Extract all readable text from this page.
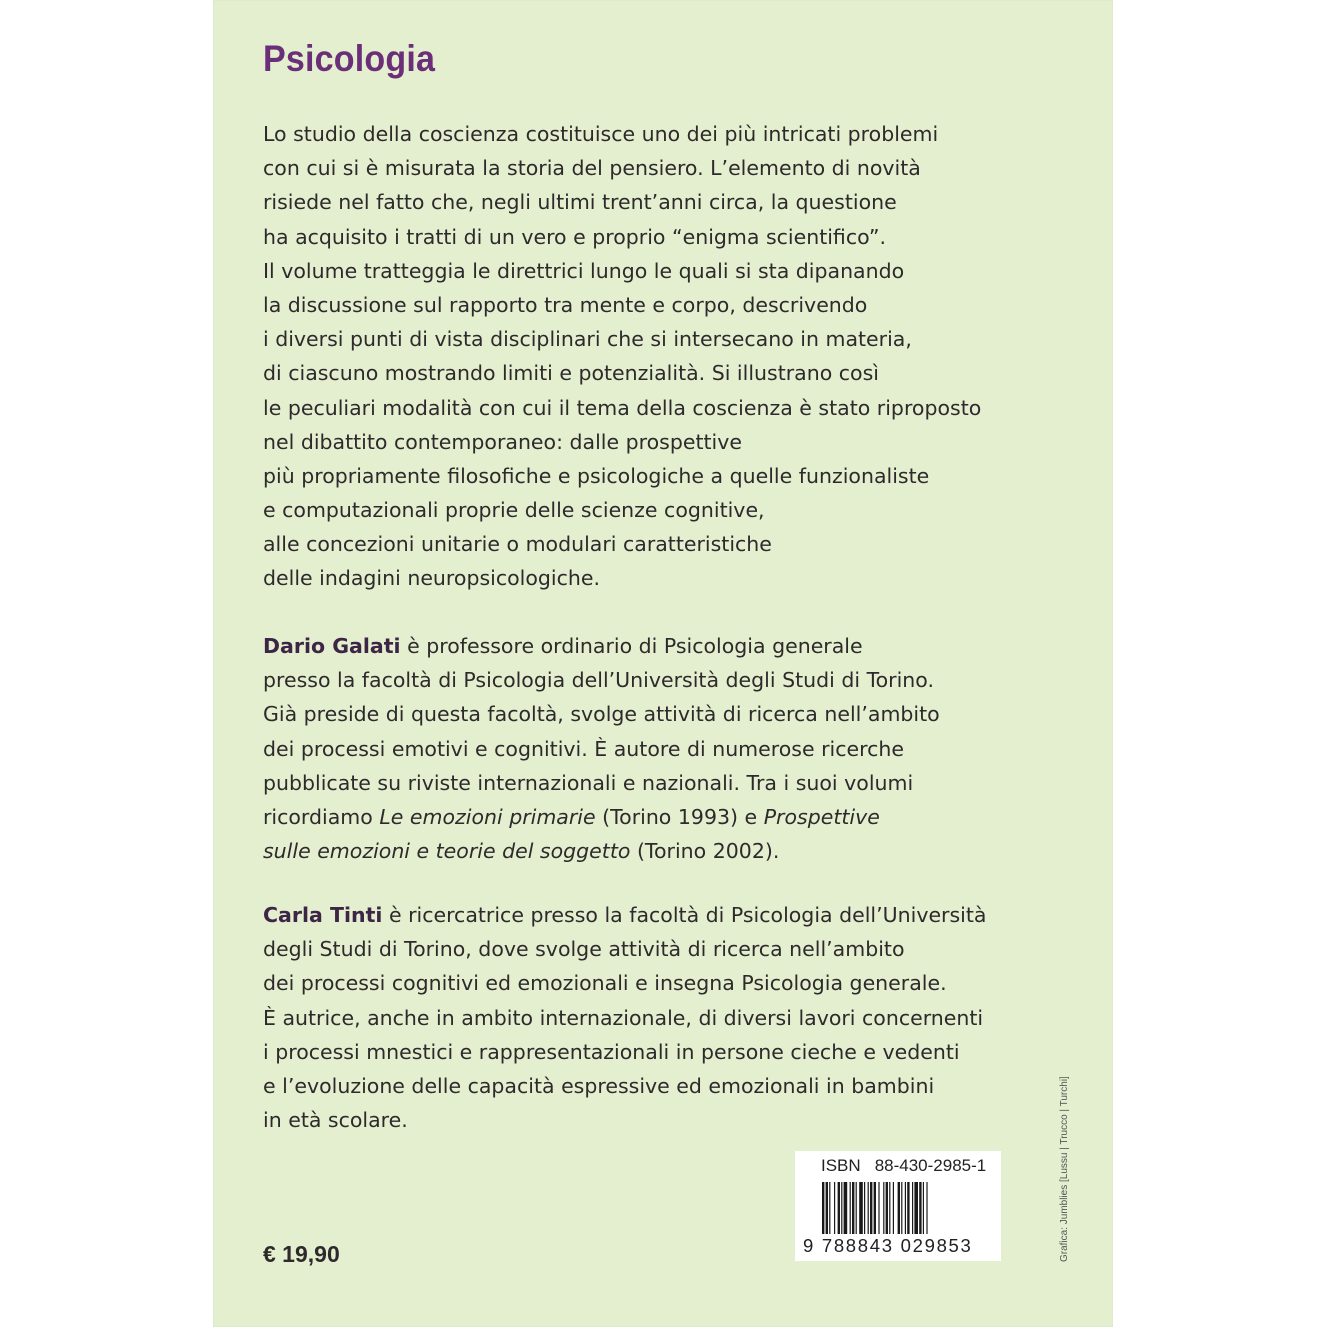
Psicologia
Lo studio della coscienza costituisce uno dei più intricati problemi
con cui si è misurata la storia del pensiero. L’elemento di novità
risiede nel fatto che, negli ultimi trent’anni circa, la questione
ha acquisito i tratti di un vero e proprio “enigma scientifico”.
Il volume tratteggia le direttrici lungo le quali si sta dipanando
la discussione sul rapporto tra mente e corpo, descrivendo
i diversi punti di vista disciplinari che si intersecano in materia,
di ciascuno mostrando limiti e potenzialità. Si illustrano così
le peculiari modalità con cui il tema della coscienza è stato riproposto
nel dibattito contemporaneo: dalle prospettive
più propriamente filosofiche e psicologiche a quelle funzionaliste
e computazionali proprie delle scienze cognitive,
alle concezioni unitarie o modulari caratteristiche
delle indagini neuropsicologiche.
Dario Galati è professore ordinario di Psicologia generale
presso la facoltà di Psicologia dell’Università degli Studi di Torino.
Già preside di questa facoltà, svolge attività di ricerca nell’ambito
dei processi emotivi e cognitivi. È autore di numerose ricerche
pubblicate su riviste internazionali e nazionali. Tra i suoi volumi
ricordiamo Le emozioni primarie (Torino 1993) e Prospettive
sulle emozioni e teorie del soggetto (Torino 2002).
Carla Tinti è ricercatrice presso la facoltà di Psicologia dell’Università
degli Studi di Torino, dove svolge attività di ricerca nell’ambito
dei processi cognitivi ed emozionali e insegna Psicologia generale.
È autrice, anche in ambito internazionale, di diversi lavori concernenti
i processi mnestici e rappresentazionali in persone cieche e vedenti
e l’evoluzione delle capacità espressive ed emozionali in bambini
in età scolare.
ISBN 88-430-2985-1
9 788843 029853
€ 19,90	Grafica: Jumblies [Lussu | Trucco | Turchi]
